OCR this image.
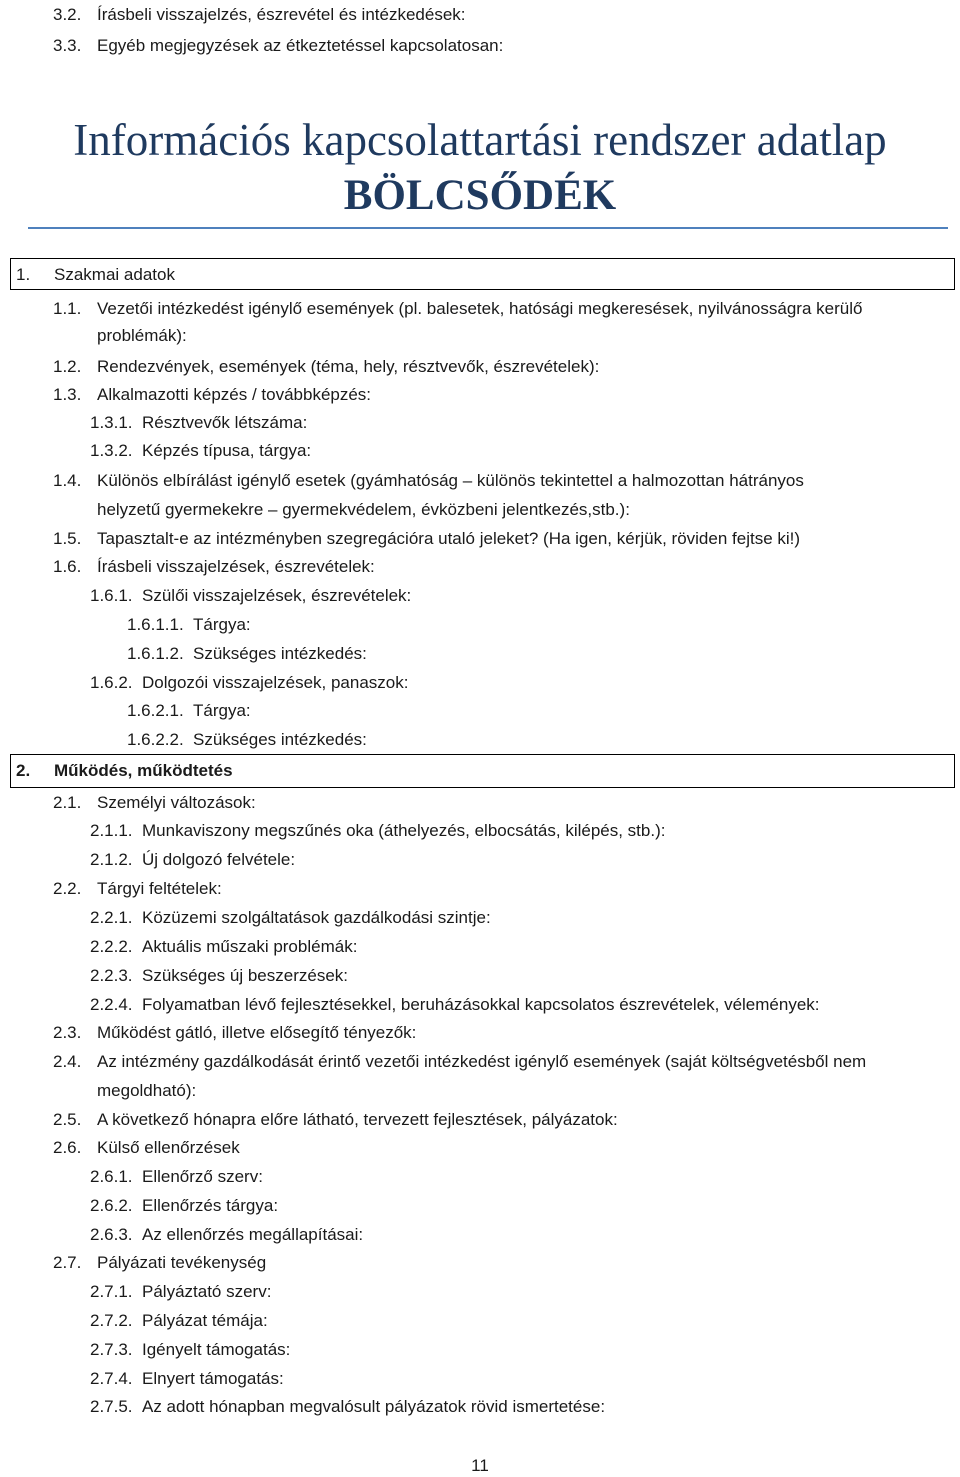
3.2. Írásbeli visszajelzés, észrevétel és intézkedések:
3.3. Egyéb megjegyzések az étkeztetéssel kapcsolatosan:
Információs kapcsolattartási rendszer adatlap
BÖLCSŐDÉK
1. Szakmai adatok
1.1. Vezetői intézkedést igénylő események (pl. balesetek, hatósági megkeresések, nyilvánosságra kerülő
problémák):
1.2. Rendezvények, események (téma, hely, résztvevők, észrevételek):
1.3. Alkalmazotti képzés / továbbképzés:
1.3.1. Résztvevők létszáma:
1.3.2. Képzés típusa, tárgya:
1.4. Különös elbírálást igénylő esetek (gyámhatóság – különös tekintettel a halmozottan hátrányos
helyzetű gyermekekre – gyermekvédelem, évközbeni jelentkezés,stb.):
1.5. Tapasztalt-e az intézményben szegregációra utaló jeleket? (Ha igen, kérjük, röviden fejtse ki!)
1.6. Írásbeli visszajelzések, észrevételek:
1.6.1. Szülői visszajelzések, észrevételek:
1.6.1.1. Tárgya:
1.6.1.2. Szükséges intézkedés:
1.6.2. Dolgozói visszajelzések, panaszok:
1.6.2.1. Tárgya:
1.6.2.2. Szükséges intézkedés:
2. Működés, működtetés
2.1. Személyi változások:
2.1.1. Munkaviszony megszűnés oka (áthelyezés, elbocsátás, kilépés, stb.):
2.1.2. Új dolgozó felvétele:
2.2. Tárgyi feltételek:
2.2.1. Közüzemi szolgáltatások gazdálkodási szintje:
2.2.2. Aktuális műszaki problémák:
2.2.3. Szükséges új beszerzések:
2.2.4. Folyamatban lévő fejlesztésekkel, beruházásokkal kapcsolatos észrevételek, vélemények:
2.3. Működést gátló, illetve elősegítő tényezők:
2.4. Az intézmény gazdálkodását érintő vezetői intézkedést igénylő események (saját költségvetésből nem
megoldható):
2.5. A következő hónapra előre látható, tervezett fejlesztések, pályázatok:
2.6. Külső ellenőrzések
2.6.1. Ellenőrző szerv:
2.6.2. Ellenőrzés tárgya:
2.6.3. Az ellenőrzés megállapításai:
2.7. Pályázati tevékenység
2.7.1. Pályáztató szerv:
2.7.2. Pályázat témája:
2.7.3. Igényelt támogatás:
2.7.4. Elnyert támogatás:
2.7.5. Az adott hónapban megvalósult pályázatok rövid ismertetése:
11
